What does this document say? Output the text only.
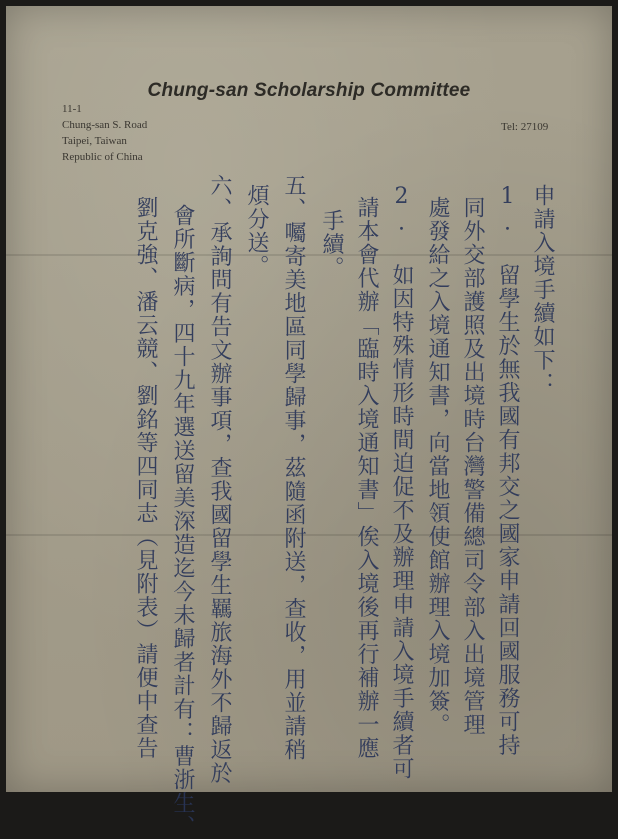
Chung-san Scholarship Committee
11-1
Chung-san S. Road
Taipei, Taiwan
Republic of China
Tel: 27109
申請入境手續如下：
1. 留學生於無我國有邦交之國家申請回國服務可持
同外交部護照及出境時台灣警備總司令部入出境管理
處發給之入境通知書，向當地領使館辦理入境加簽。
2. 如因特殊情形時間迫促不及辦理申請入境手續者可
請本會代辦「臨時入境通知書」俟入境後再行補辦一應
手續。
五、囑寄美地區同學歸事，茲隨函附送，查收，用並請稍
煩分送。
六、承詢問有告文辦事項，查我國留學生羈旅海外不歸返於
會所斷病，四十九年選送留美深造迄今未歸者計有：曹浙生、
劉克強、潘云競、劉銘等四同志（見附表）請便中查告
